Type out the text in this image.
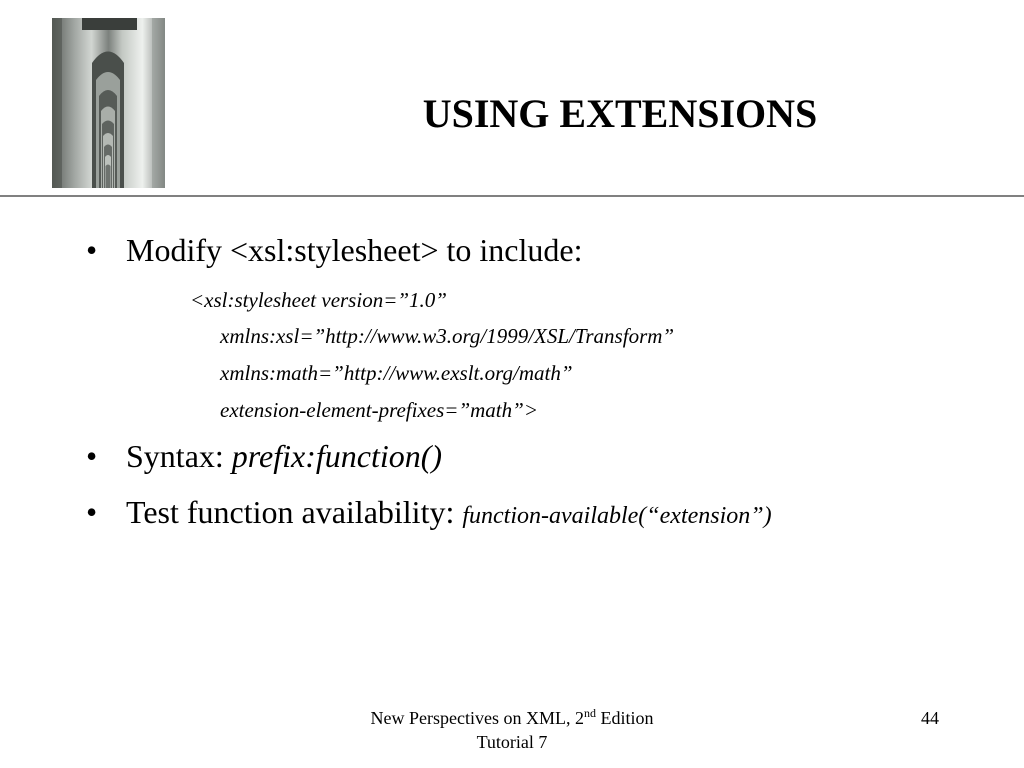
USING EXTENSIONS
• Modify <xsl:stylesheet> to include:
<xsl:stylesheet version=”1.0”
xmlns:xsl=”http://www.w3.org/1999/XSL/Transform”
xmlns:math=”http://www.exslt.org/math”
extension-element-prefixes=”math”>
• Syntax: prefix:function()
• Test function availability: function-available(“extension”)
New Perspectives on XML, 2nd Edition
Tutorial 7
44
